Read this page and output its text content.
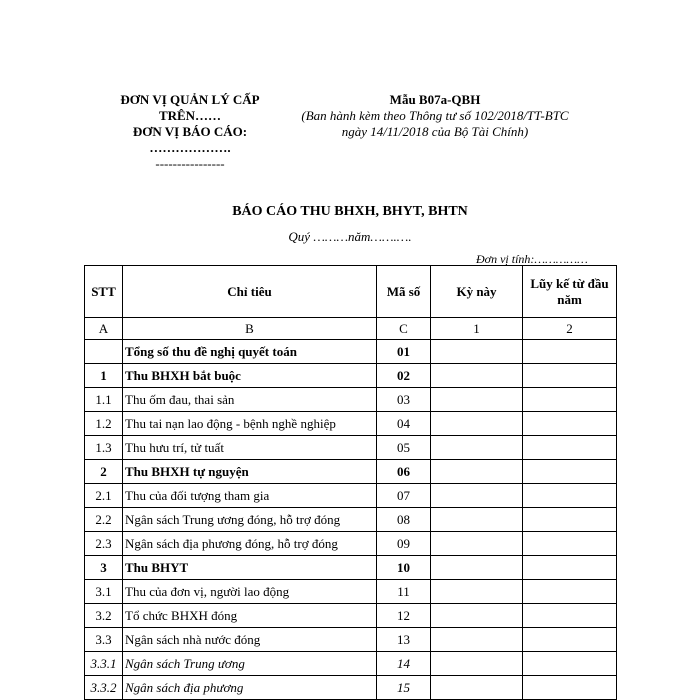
ĐƠN VỊ QUẢN LÝ CẤP
TRÊN……
ĐƠN VỊ BÁO CÁO:
……………….
----------------
Mẫu B07a-QBH
(Ban hành kèm theo Thông tư số 102/2018/TT-BTC
ngày 14/11/2018 của Bộ Tài Chính)
BÁO CÁO THU BHXH, BHYT, BHTN
Quý ………năm…….….
Đơn vị tính:……………
STT	Chỉ tiêu	Mã số	Kỳ này	Lũy kế từ đầu năm
A	B	C	1	2
	Tổng số thu đề nghị quyết toán	01		
1	Thu BHXH bắt buộc	02		
1.1	Thu ốm đau, thai sản	03		
1.2	Thu tai nạn lao động - bệnh nghề nghiệp	04		
1.3	Thu hưu trí, tử tuất	05		
2	Thu BHXH tự nguyện	06		
2.1	Thu của đối tượng tham gia	07		
2.2	Ngân sách Trung ương đóng, hỗ trợ đóng	08		
2.3	Ngân sách địa phương đóng, hỗ trợ đóng	09		
3	Thu BHYT	10		
3.1	Thu của đơn vị, người lao động	11		
3.2	Tổ chức BHXH đóng	12		
3.3	Ngân sách nhà nước đóng	13		
3.3.1	Ngân sách Trung ương	14		
3.3.2	Ngân sách địa phương	15		
